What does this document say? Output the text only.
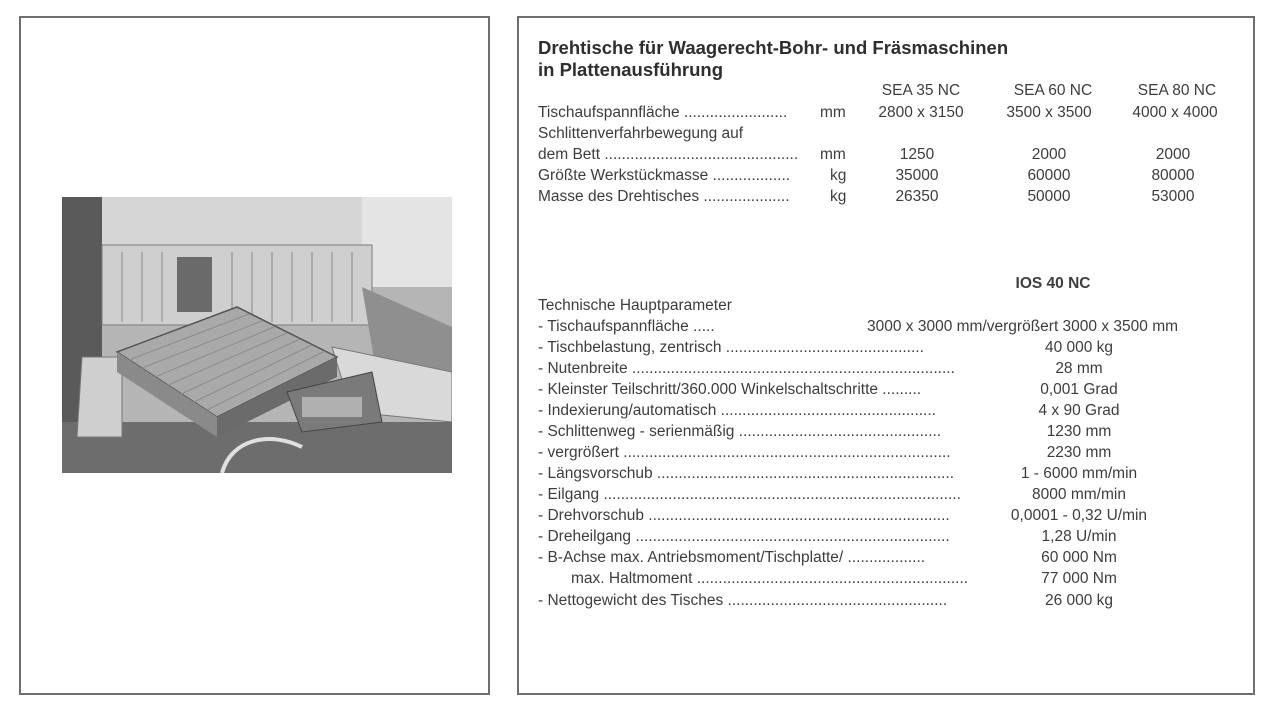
Drehtische für Waagerecht-Bohr- und Fräsmaschinen
in Plattenausführung
SEA 35 NC	SEA 60 NC	SEA 80 NC
Tischaufspannfläche ........................ mm	2800 x 3150	3500 x 3500	4000 x 4000
Schlittenverfahrbewegung auf
dem Bett ............................................. mm	1250	2000	2000
Größte Werkstückmasse ..................	kg	35000	60000	80000
Masse des Drehtisches ....................	kg	26350	50000	53000
IOS 40 NC
Technische Hauptparameter
- Tischaufspannfläche .....	3000 x 3000 mm/vergrößert 3000 x 3500 mm
- Tischbelastung, zentrisch ..............................................	40 000 kg
- Nutenbreite ...........................................................................	28 mm
- Kleinster Teilschritt/360.000 Winkelschaltschritte .........	0,001 Grad
- Indexierung/automatisch ..................................................	4 x 90 Grad
- Schlittenweg - serienmäßig ...............................................	1230 mm
- vergrößert ............................................................................	2230 mm
- Längsvorschub .....................................................................	1 - 6000 mm/min
- Eilgang ...................................................................................	8000 mm/min
- Drehvorschub ......................................................................	0,0001 - 0,32 U/min
- Dreheilgang .........................................................................	1,28 U/min
- B-Achse max. Antriebsmoment/Tischplatte/ ..................	60 000 Nm
max. Haltmoment ...............................................................	77 000 Nm
- Nettogewicht des Tisches ...................................................	26 000 kg
